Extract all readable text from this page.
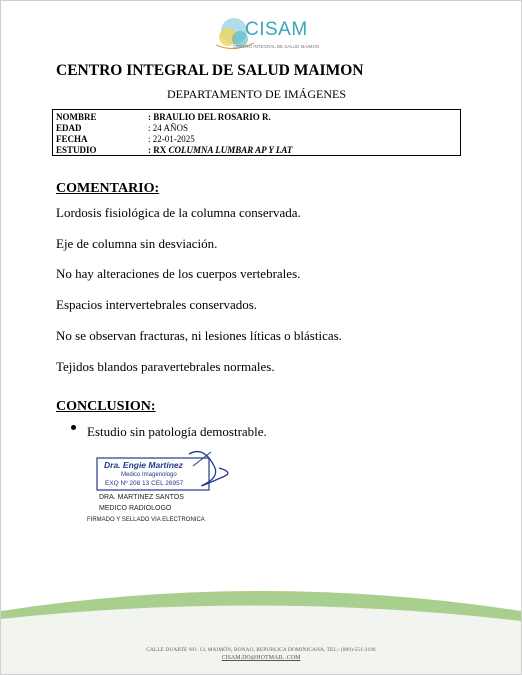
CISAM
CENTRO INTEGRAL DE SALUD MAIMON
CENTRO INTEGRAL DE SALUD MAIMON
DEPARTAMENTO DE IMÁGENES
NOMBRE	: BRAULIO DEL ROSARIO R.
EDAD	: 24 AÑOS
FECHA	: 22-01-2025
ESTUDIO	: RX COLUMNA LUMBAR AP Y LAT
COMENTARIO:
Lordosis fisiológica de la columna conservada.
Eje de columna sin desviación.
No hay alteraciones de los cuerpos vertebrales.
Espacios intervertebrales conservados.
No se observan fracturas, ni lesiones líticas o blásticas.
Tejidos blandos paravertebrales normales.
CONCLUSION:
Estudio sin patología demostrable.
Dra. Engie Martinez
Medico Imagenologo
EXQ Nº 208 13 CEL 26957
DRA. MARTINEZ SANTOS
MEDICO RADIOLOGO
FIRMADO Y SELLADO VIA ELECTRONICA
CALLE DUARTE NO. 13, MAIMÓN, BONAO, REPUBLICA DOMINICANA, TEL.: (809)-551-2196
CISAM.DO@HOTMAIL .COM
